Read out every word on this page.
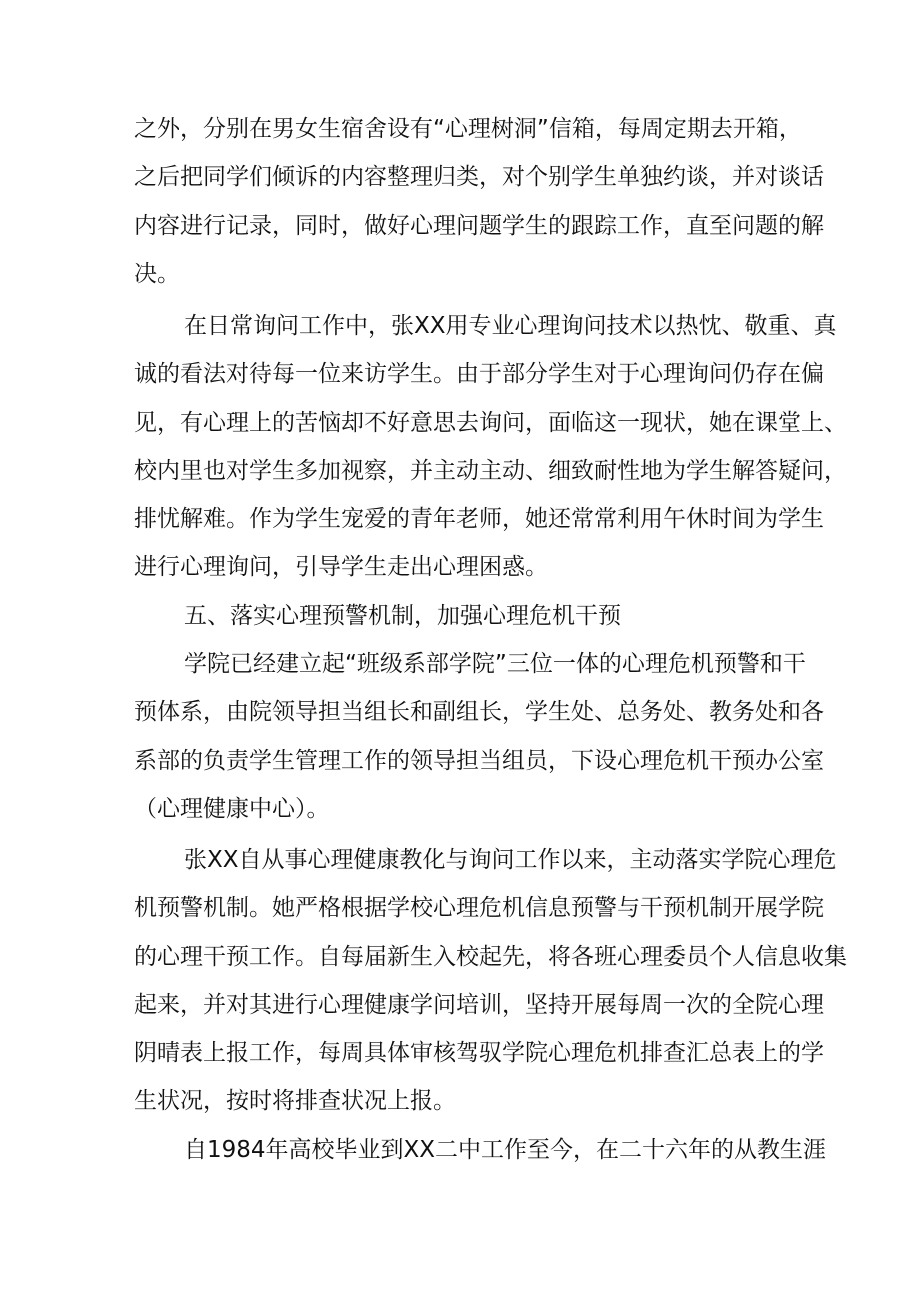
之外，分别在男女生宿舍设有“心理树洞”信箱，每周定期去开箱，
之后把同学们倾诉的内容整理归类，对个别学生单独约谈，并对谈话
内容进行记录，同时，做好心理问题学生的跟踪工作，直至问题的解
决。

在日常询问工作中，张XX用专业心理询问技术以热忱、敬重、真
诚的看法对待每一位来访学生。由于部分学生对于心理询问仍存在偏
见，有心理上的苦恼却不好意思去询问，面临这一现状，她在课堂上、
校内里也对学生多加视察，并主动主动、细致耐性地为学生解答疑问，
排忧解难。作为学生宠爱的青年老师，她还常常利用午休时间为学生
进行心理询问，引导学生走出心理困惑。

五、落实心理预警机制，加强心理危机干预

学院已经建立起“班级系部学院”三位一体的心理危机预警和干
预体系，由院领导担当组长和副组长，学生处、总务处、教务处和各
系部的负责学生管理工作的领导担当组员，下设心理危机干预办公室
（心理健康中心）。

张XX自从事心理健康教化与询问工作以来，主动落实学院心理危
机预警机制。她严格根据学校心理危机信息预警与干预机制开展学院
的心理干预工作。自每届新生入校起先，将各班心理委员个人信息收集
起来，并对其进行心理健康学问培训，坚持开展每周一次的全院心理
阴晴表上报工作，每周具体审核驾驭学院心理危机排查汇总表上的学
生状况，按时将排查状况上报。

自1984年高校毕业到XX二中工作至今，在二十六年的从教生涯
